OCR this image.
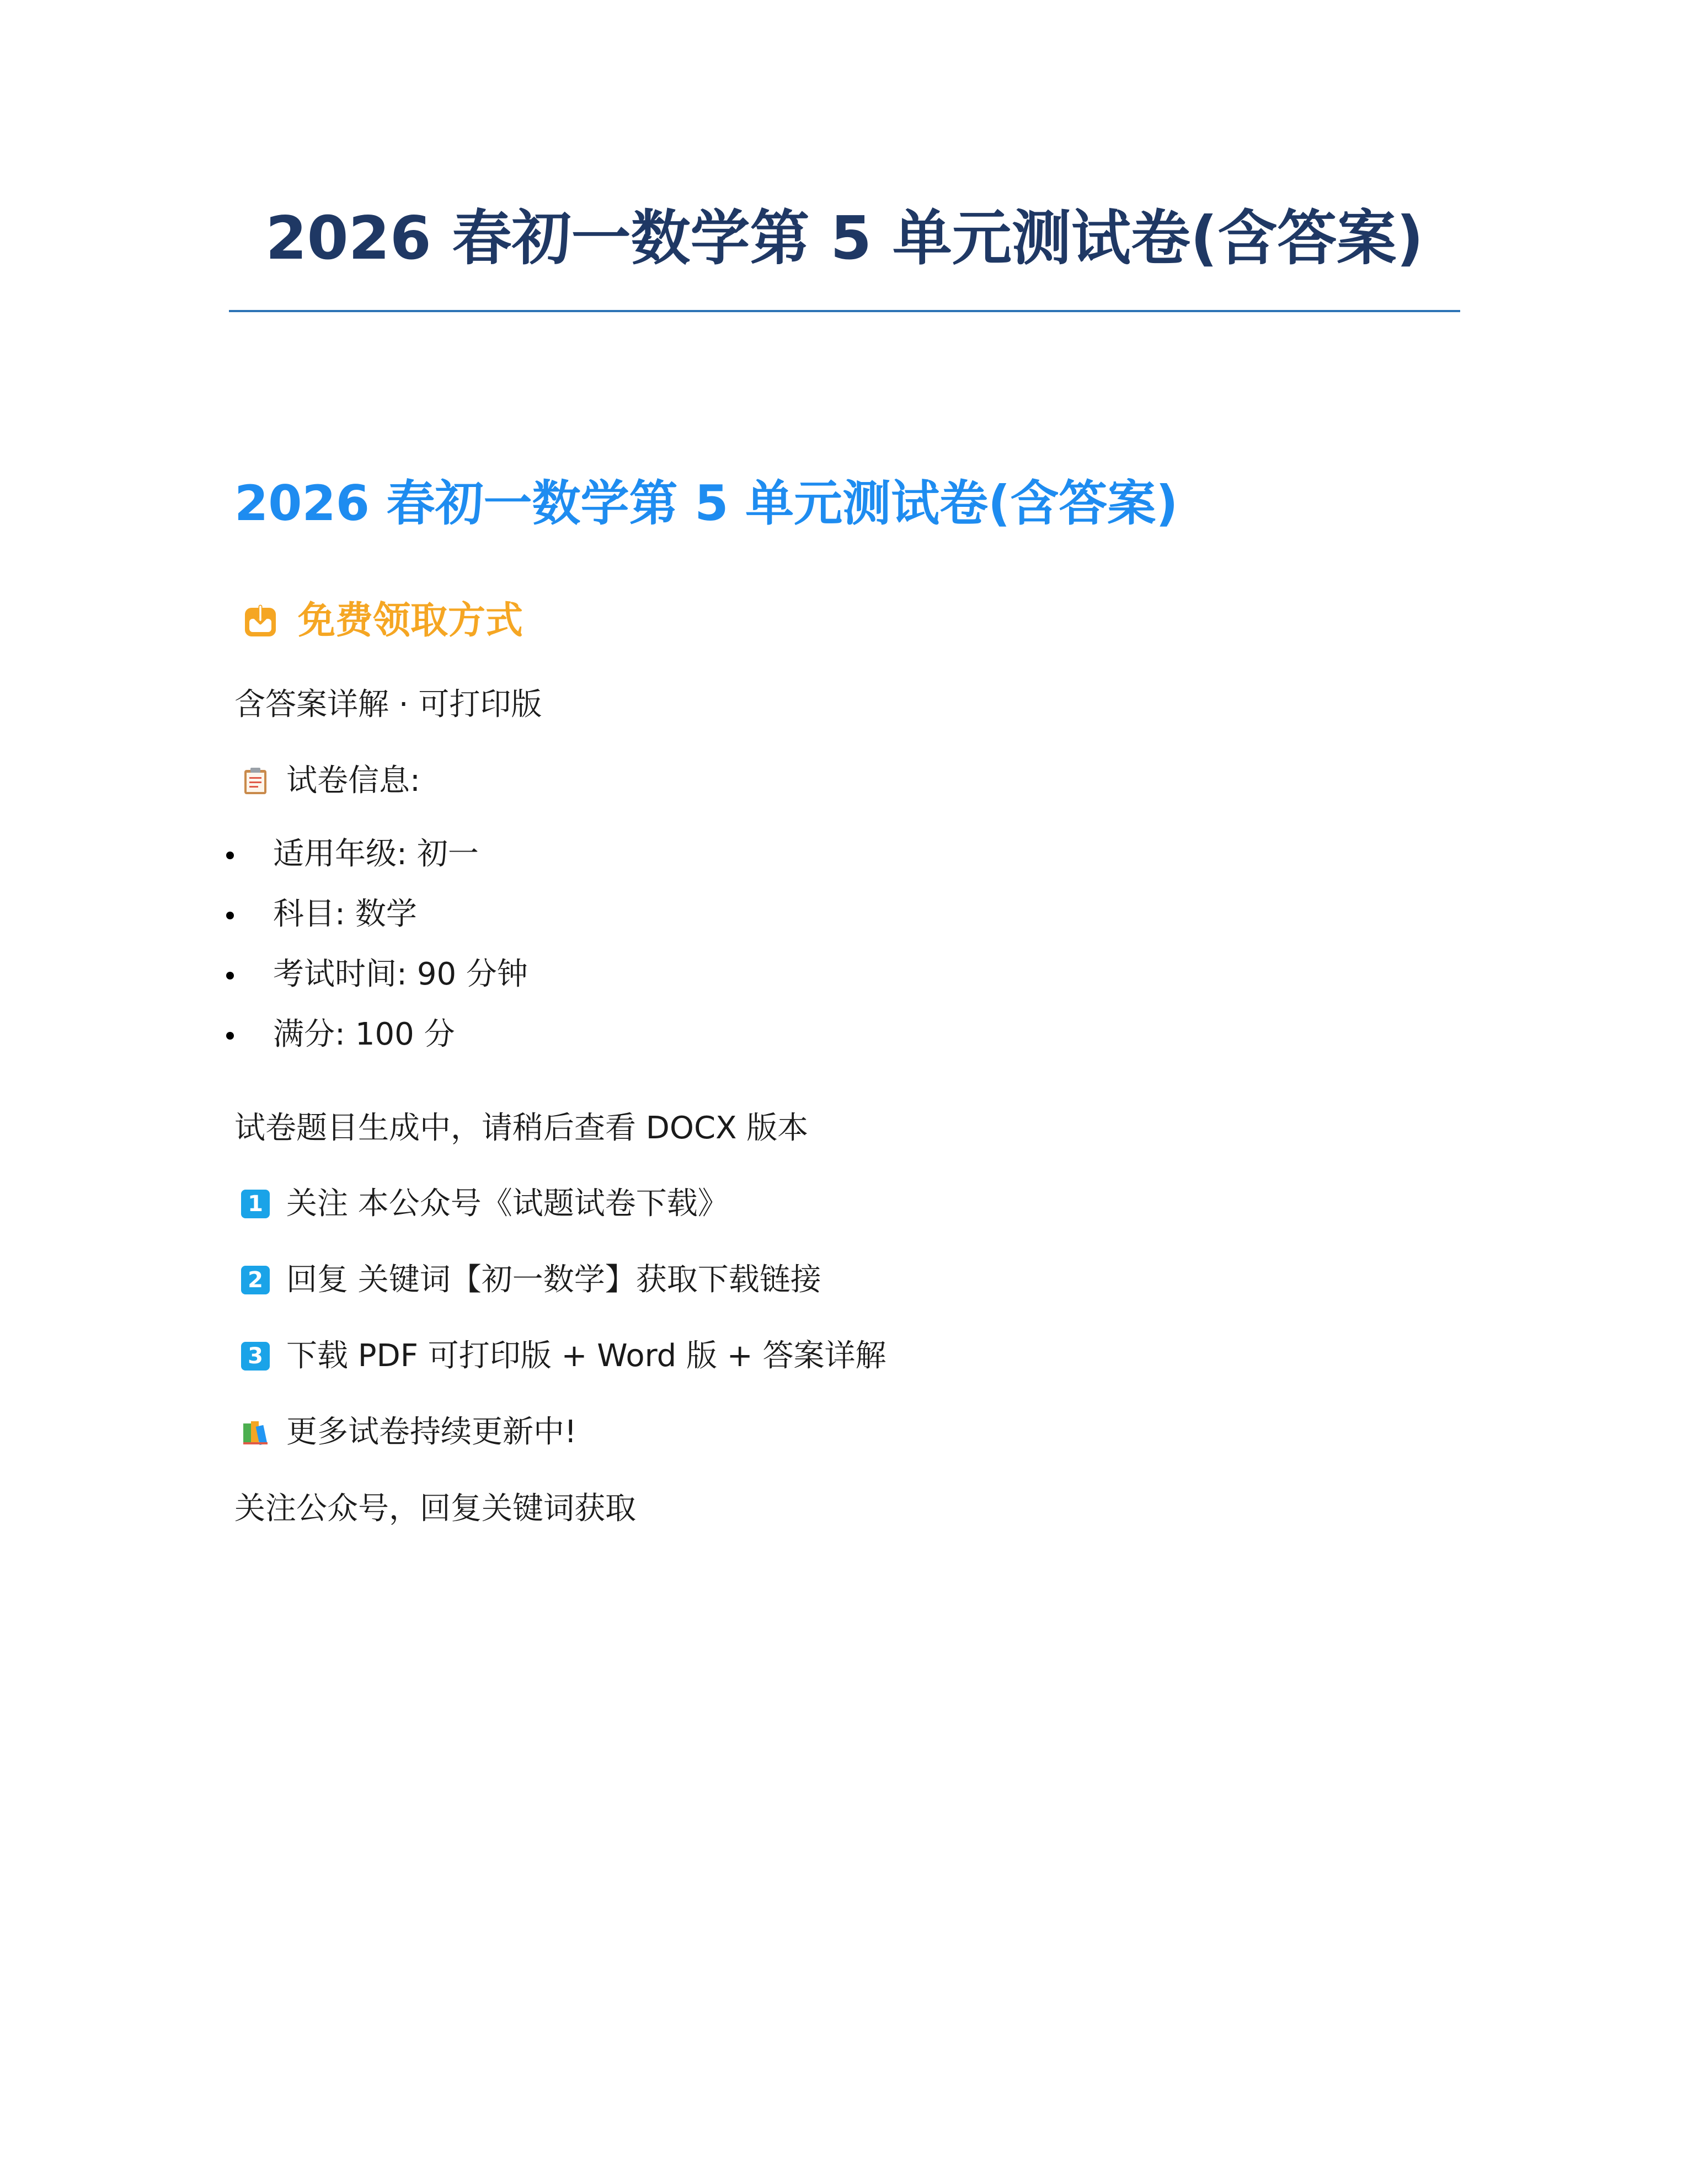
2026 春初一数学第 5 单元测试卷(含答案)
2026 春初一数学第 5 单元测试卷(含答案)
免费领取方式

含答案详解 · 可打印版

试卷信息:

适用年级: 初一
科目: 数学
考试时间: 90 分钟
满分: 100 分

试卷题目生成中，请稍后查看 DOCX 版本

1 关注 本公众号《试题试卷下载》

2 回复 关键词【初一数学】获取下载链接

3 下载 PDF 可打印版 + Word 版 + 答案详解

更多试卷持续更新中!

关注公众号，回复关键词获取
